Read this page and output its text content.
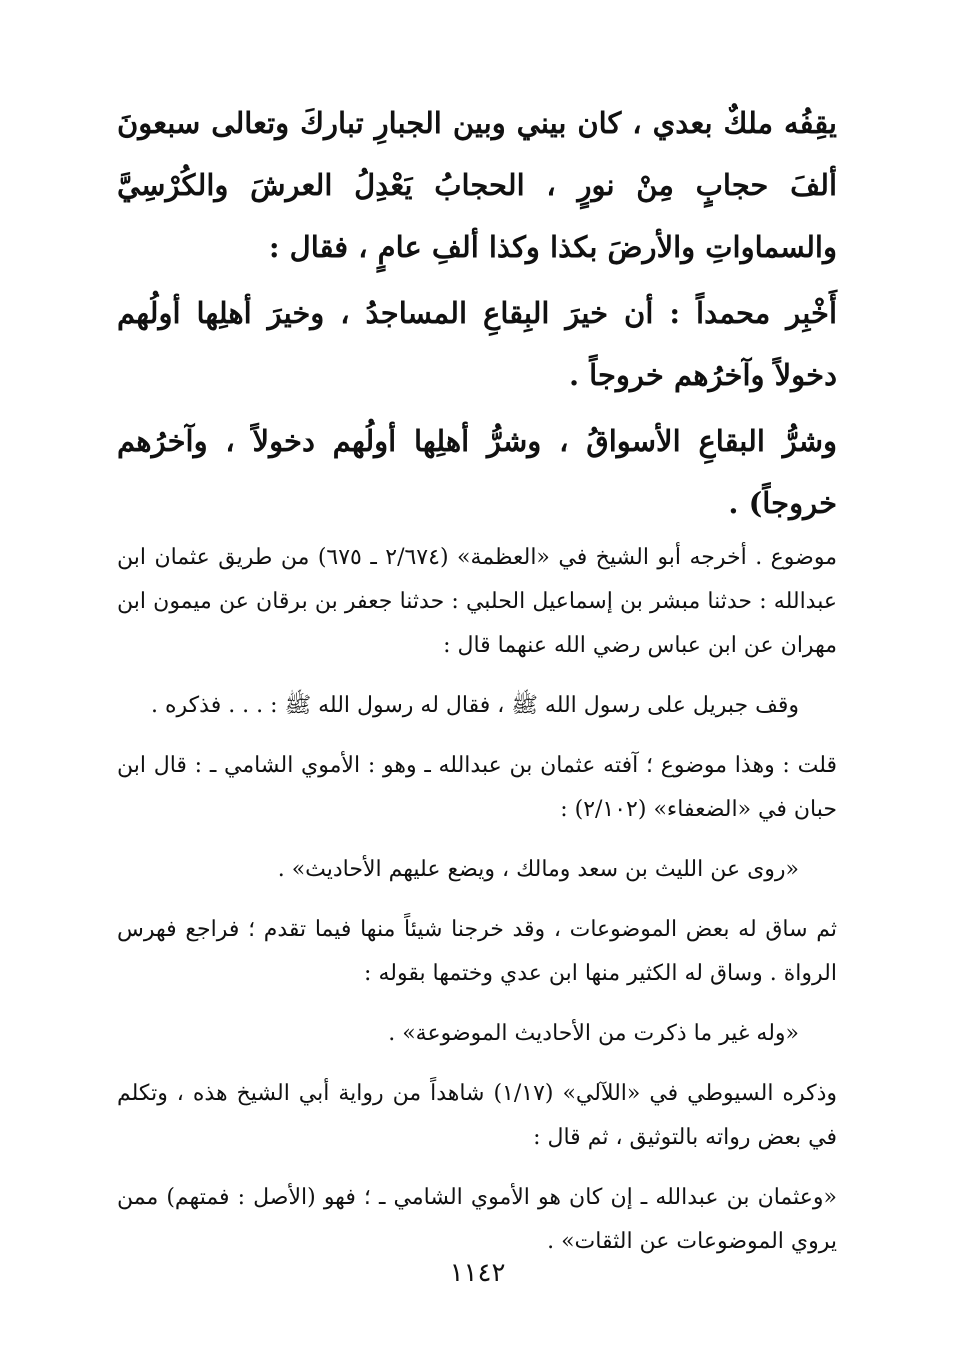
يقِفُه ملكٌ بعدي ، كان بيني وبين الجبارِ تباركَ وتعالى سبعونَ ألفَ حجابٍ مِنْ نورٍ ، الحجابُ يَعْدِلُ العرشَ والكُرْسِيَّ والسماواتِ والأرضَ بكذا وكذا ألفِ عامٍ ، فقال :

أَخْبِر محمداً : أن خيرَ البِقاعِ المساجدُ ، وخيرَ أهلِها أولُهم دخولاً وآخرُهم خروجاً .

وشرُّ البقاعِ الأسواقُ ، وشرُّ أهلِها أولُهم دخولاً ، وآخرُهم خروجاً) .

موضوع . أخرجه أبو الشيخ في «العظمة» (٢/٦٧٤ ـ ٦٧٥) من طريق عثمان ابن عبدالله : حدثنا مبشر بن إسماعيل الحلبي : حدثنا جعفر بن برقان عن ميمون ابن مهران عن ابن عباس رضي الله عنهما قال :

وقف جبريل على رسول الله ﷺ ، فقال له رسول الله ﷺ : . . . فذكره .

قلت : وهذا موضوع ؛ آفته عثمان بن عبدالله ـ وهو : الأموي الشامي ـ : قال ابن حبان في «الضعفاء» (٢/١٠٢) :

«روى عن الليث بن سعد ومالك ، ويضع عليهم الأحاديث» .

ثم ساق له بعض الموضوعات ، وقد خرجنا شيئاً منها فيما تقدم ؛ فراجع فهرس الرواة . وساق له الكثير منها ابن عدي وختمها بقوله :

«وله غير ما ذكرت من الأحاديث الموضوعة» .

وذكره السيوطي في «اللآلي» (١/١٧) شاهداً من رواية أبي الشيخ هذه ، وتكلم في بعض رواته بالتوثيق ، ثم قال :

«وعثمان بن عبدالله ـ إن كان هو الأموي الشامي ـ ؛ فهو (الأصل : فمتهم) ممن يروي الموضوعات عن الثقات» .

١١٤٢
